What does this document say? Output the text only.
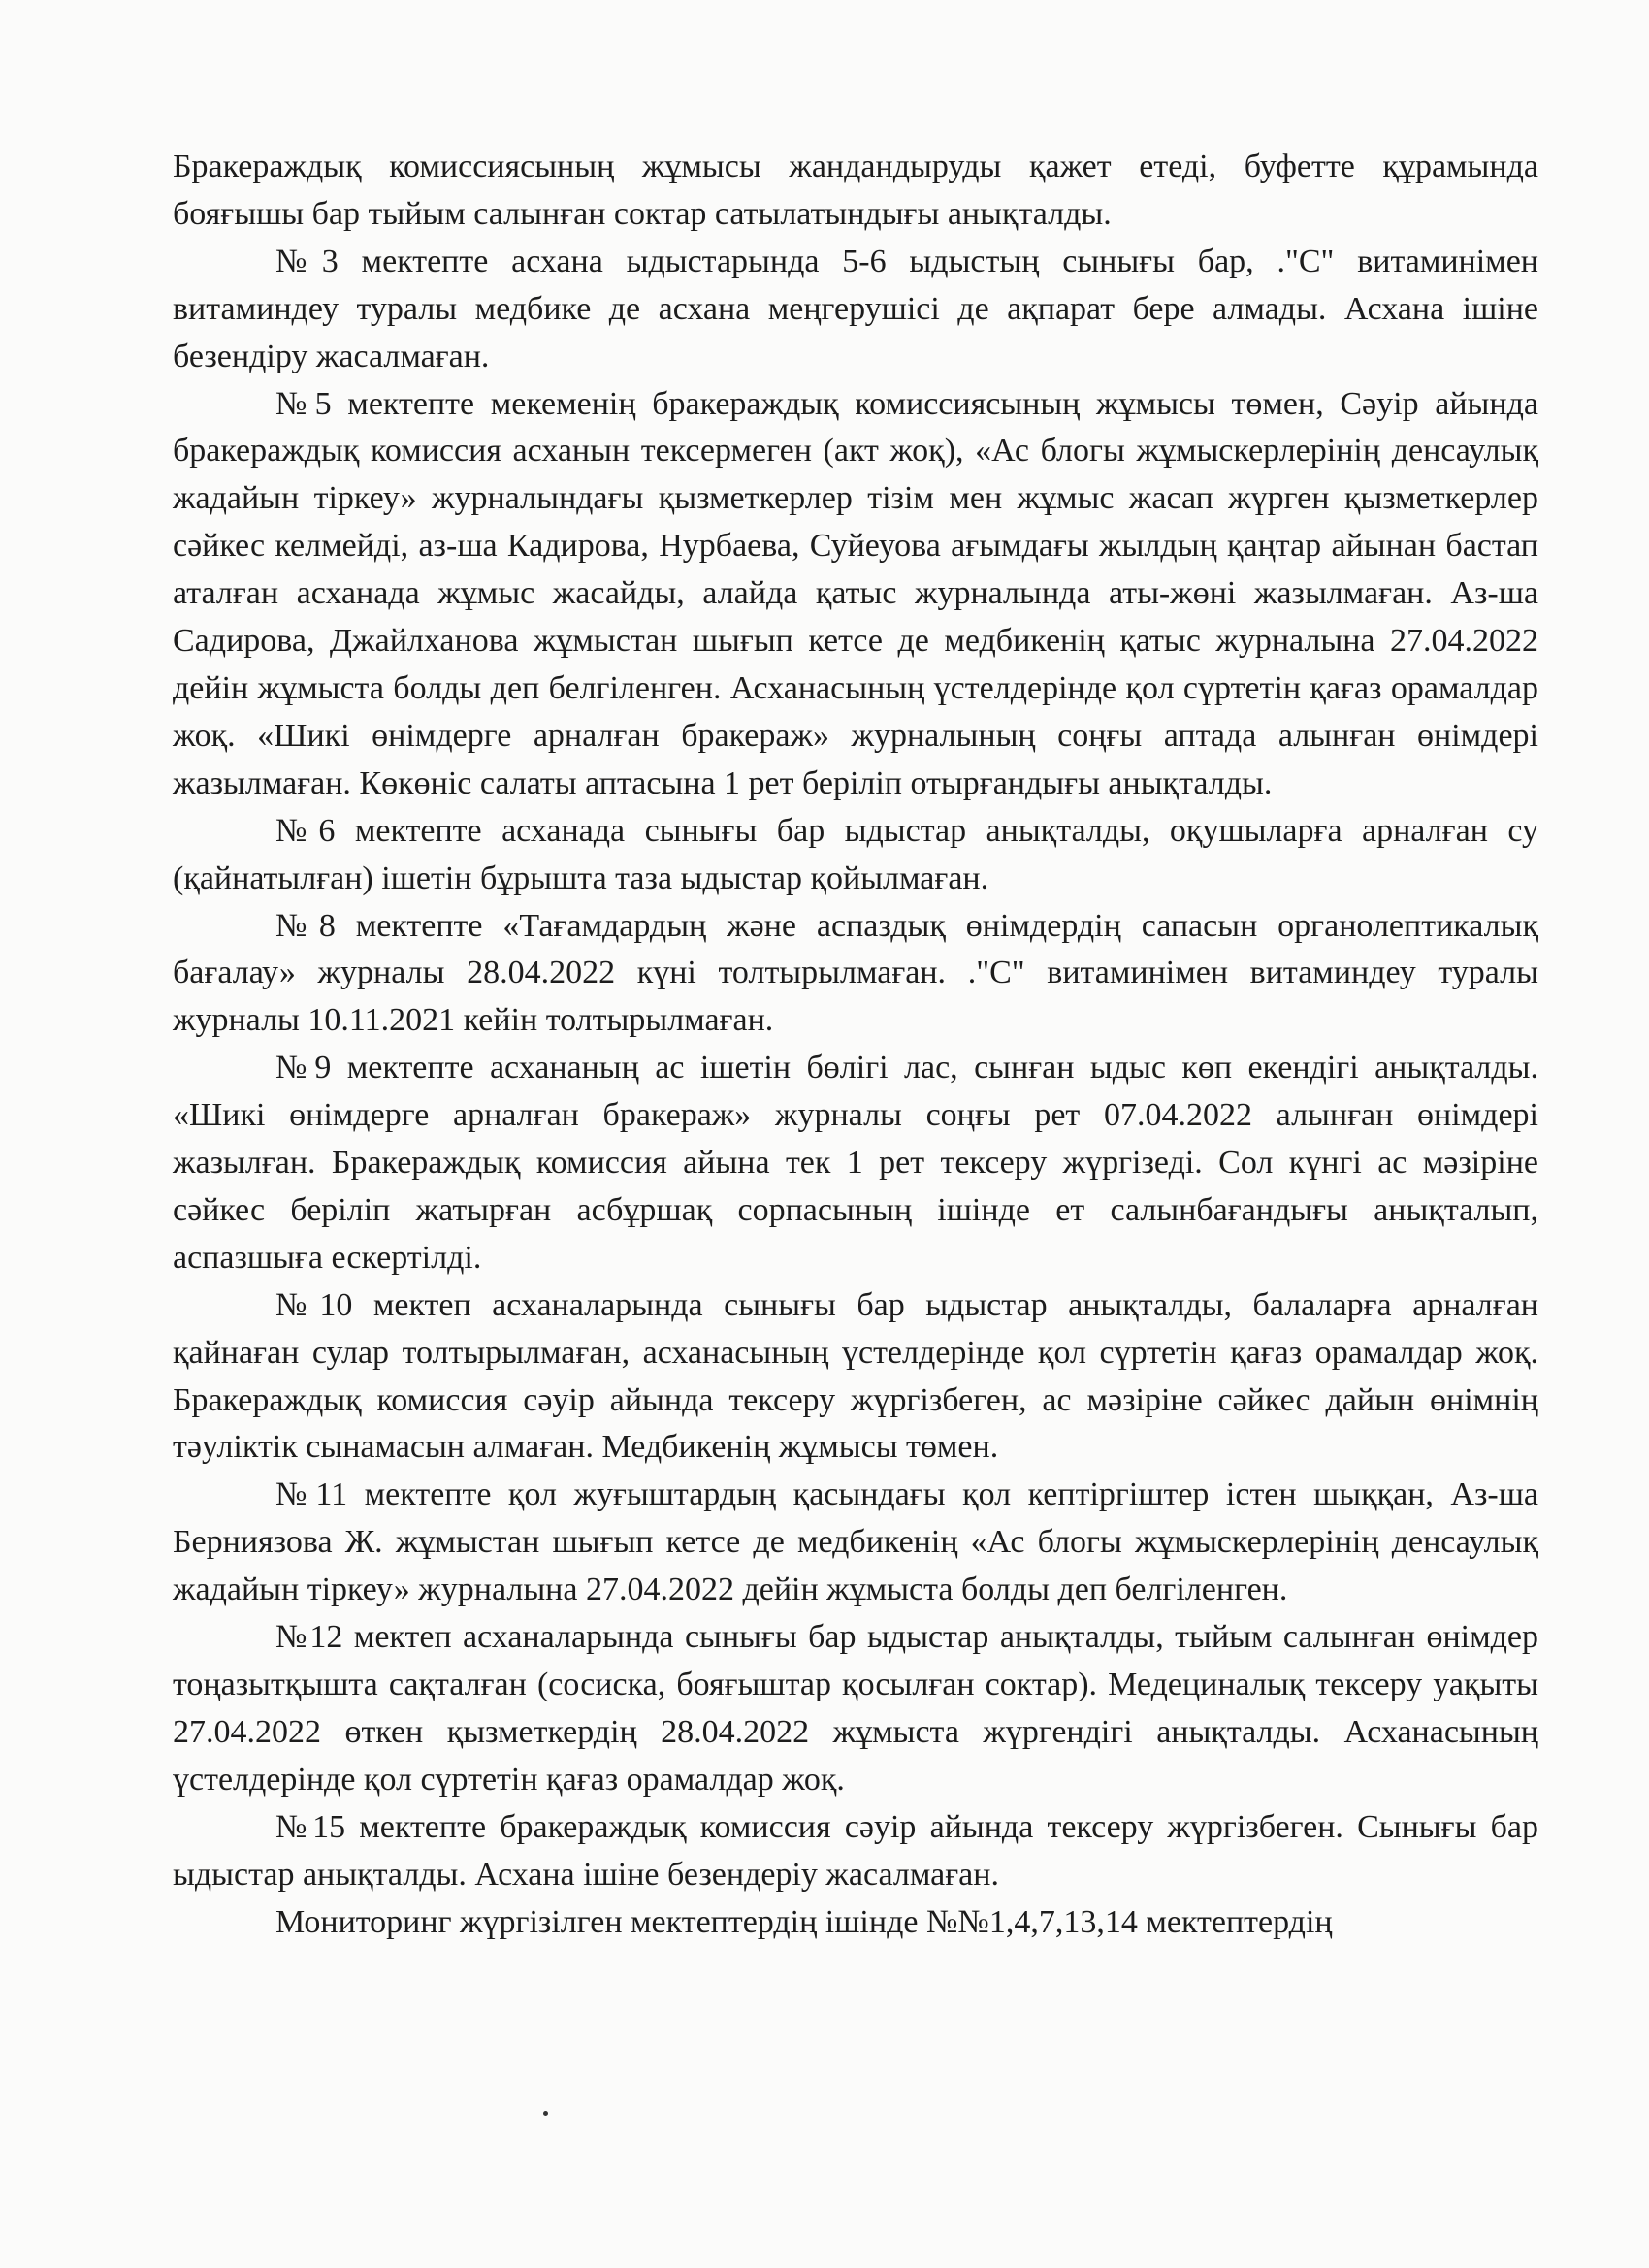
Бракераждық комиссиясының жұмысы жандандыруды қажет етеді, буфетте құрамында бояғышы бар тыйым салынған соктар сатылатындығы анықталды.

№3 мектепте асхана ыдыстарында 5-6 ыдыстың сынығы бар, ."С" витаминімен витаминдеу туралы медбике де асхана меңгерушісі де ақпарат бере алмады. Асхана ішіне безендіру жасалмаған.

№5 мектепте мекеменің бракераждық комиссиясының жұмысы төмен, Сәуір айында бракераждық комиссия асханын тексермеген (акт жоқ), «Ас блогы жұмыскерлерінің денсаулық жадайын тіркеу» журналындағы қызметкерлер тізім мен жұмыс жасап жүрген қызметкерлер сәйкес келмейді, аз-ша Кадирова, Нурбаева, Суйеуова ағымдағы жылдың қаңтар айынан бастап аталған асханада жұмыс жасайды, алайда қатыс журналында аты-жөні жазылмаған. Аз-ша Садирова, Джайлханова жұмыстан шығып кетсе де медбикенің қатыс журналына 27.04.2022 дейін жұмыста болды деп белгіленген. Асханасының үстелдерінде қол сүртетін қағаз орамалдар жоқ. «Шикі өнімдерге арналған бракераж» журналының соңғы аптада алынған өнімдері жазылмаған. Көкөніс салаты аптасына 1 рет беріліп отырғандығы анықталды.

№6 мектепте асханада сынығы бар ыдыстар анықталды, оқушыларға арналған су (қайнатылған) ішетін бұрышта таза ыдыстар қойылмаған.

№8 мектепте «Тағамдардың және аспаздық өнімдердің сапасын органолептикалық бағалау» журналы 28.04.2022 күні толтырылмаған. ."С" витаминімен витаминдеу туралы журналы 10.11.2021 кейін толтырылмаған.

№9 мектепте асхананың ас ішетін бөлігі лас, сынған ыдыс көп екендігі анықталды. «Шикі өнімдерге арналған бракераж» журналы соңғы рет 07.04.2022 алынған өнімдері жазылған. Бракераждық комиссия айына тек 1 рет тексеру жүргізеді. Сол күнгі ас мәзіріне сәйкес беріліп жатырған асбұршақ сорпасының ішінде ет салынбағандығы анықталып, аспазшыға ескертілді.

№10 мектеп асханаларында сынығы бар ыдыстар анықталды, балаларға арналған қайнаған сулар толтырылмаған, асханасының үстелдерінде қол сүртетін қағаз орамалдар жоқ. Бракераждық комиссия сәуір айында тексеру жүргізбеген, ас мәзіріне сәйкес дайын өнімнің тәуліктік сынамасын алмаған. Медбикенің жұмысы төмен.

№11 мектепте қол жуғыштардың қасындағы қол кептіргіштер істен шыққан, Аз-ша Берниязова Ж. жұмыстан шығып кетсе де медбикенің «Ас блогы жұмыскерлерінің денсаулық жадайын тіркеу» журналына 27.04.2022 дейін жұмыста болды деп белгіленген.

№12 мектеп асханаларында сынығы бар ыдыстар анықталды, тыйым салынған өнімдер тоңазытқышта сақталған (сосиска, бояғыштар қосылған соктар). Медециналық тексеру уақыты 27.04.2022 өткен қызметкердің 28.04.2022 жұмыста жүргендігі анықталды. Асханасының үстелдерінде қол сүртетін қағаз орамалдар жоқ.

№15 мектепте бракераждық комиссия сәуір айында тексеру жүргізбеген. Сынығы бар ыдыстар анықталды. Асхана ішіне безендеріу жасалмаған.

Мониторинг жүргізілген мектептердің ішінде №№1,4,7,13,14 мектептердің
